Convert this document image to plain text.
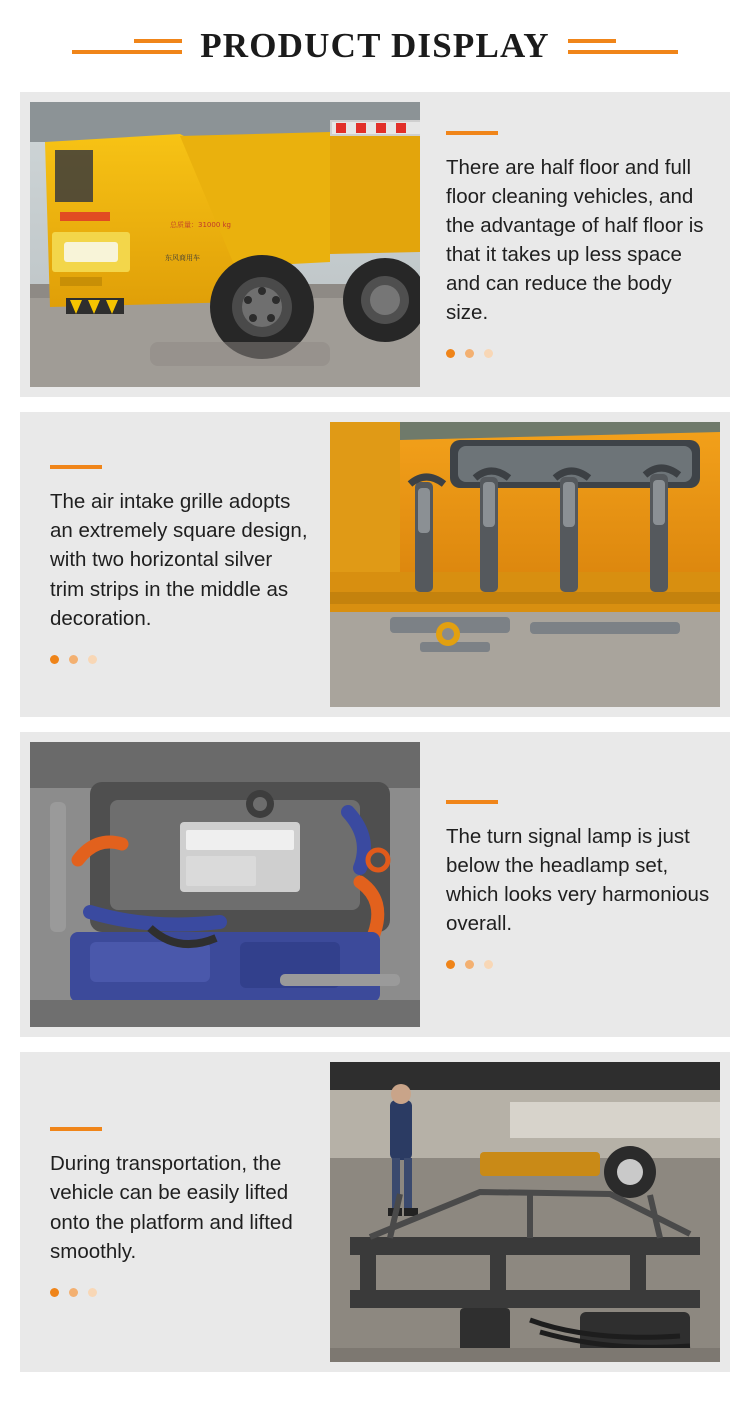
PRODUCT DISPLAY
总质量：31000 kg
东风商用车
There are half floor and full floor cleaning vehicles, and the advantage of half floor is that it takes up less space and can reduce the body size.
The air intake grille adopts an extremely square design, with two horizontal silver trim strips in the middle as decoration.
The turn signal lamp is just below the headlamp set, which looks very harmonious overall.
During transportation, the vehicle can be easily lifted onto the platform and lifted smoothly.
